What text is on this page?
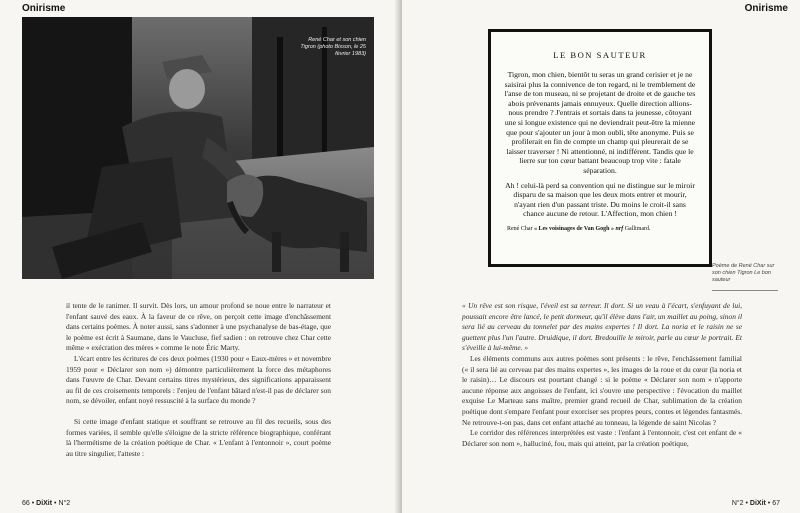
Onirisme
René Char et son chien Tigron (photo Bisson, le 25 février 1983)

il tente de le ranimer. Il survit. Dès lors, un amour profond se noue entre le narrateur et l'enfant sauvé des eaux. À la faveur de ce rêve, on perçoit cette image d'enchâssement dans certains poèmes. À noter aussi, sans s'adonner à une psychanalyse de bas-étage, que le poème est écrit à Saumane, dans le Vaucluse, fief sadien : on retrouve chez Char cette même « exécration des mères » comme le note Éric Marty.

L'écart entre les écritures de ces deux poèmes (1930 pour « Eaux-mères » et novembre 1959 pour « Déclarer son nom ») démontre particulièrement la force des métaphores dans l'œuvre de Char. Devant certains titres mystérieux, des significations apparaissent au fil de ces croisements temporels : l'enjeu de l'enfant bâtard n'est-il pas de déclarer son nom, se dévoiler, enfant noyé ressuscité à la surface du monde ?

Si cette image d'enfant statique et souffrant se retrouve au fil des recueils, sous des formes variées, il semble qu'elle s'éloigne de la stricte référence biographique, conférant là l'hermétisme de la création poétique de Char. « L'enfant à l'entonnoir », court poème au titre singulier, l'atteste :

66 • DiXit • N°2
Onirisme
LE BON SAUTEUR

Tigron, mon chien, bientôt tu seras un grand cerisier et je ne saisirai plus la connivence de ton regard, ni le tremblement de l'anse de ton museau, ni se projetant de droite et de gauche tes abois prévenants jamais ennuyeux. Quelle direction allions-nous prendre ? J'entrais et sortais dans ta jeunesse, côtoyant une si longue existence qui ne deviendrait peut-être la mienne que pour s'ajouter un jour à mon oubli, tête anonyme. Puis se profilerait en fin de compte un champ qui pleurerait de se laisser traverser ! Ni attentionné, ni indifférent. Tandis que le lierre sur ton cœur battant beaucoup trop vite : fatale séparation.

Ah ! celui-là perd sa convention qui ne distingue sur le miroir disparu de sa maison que les deux mots entrer et mourir, n'ayant rien d'un passant triste. Du moins le croit-il sans chance aucune de retour. L'Affection, mon chien !

René Char « Les voisinages de Van Gogh » nrf Gallimard.
Poème de René Char sur son chien Tigron Le bon sauteur

« Un rêve est son risque, l'éveil est sa terreur. Il dort. Si un veau à l'écart, s'enfuyant de lui, poussait encore être lancé, le petit dormeur, qu'il élève dans l'air, un maillet au poing, sinon il sera lié au cerveau du tonnelet par des mains expertes ! Il dort. La noria et le raisin ne se guettent plus l'un l'autre. Druidique, il dort. Bredouille le miroir, parle au cœur le portrait. Et s'éveille à lui-même. »

Les éléments communs aux autres poèmes sont présents : le rêve, l'enchâssement familial (« il sera lié au cerveau par des mains expertes », les images de la roue et du cœur (la noria et le raisin)… Le discours est pourtant changé : si le poème « Déclarer son nom » n'apporte aucune réponse aux angoisses de l'enfant, ici s'ouvre une perspective : l'évocation du maillet exquise Le Marteau sans maître, premier grand recueil de Char, sublimation de la création poétique dont s'empare l'enfant pour exorciser ses propres peurs, contes et légendes fantasmés. Ne retrouve-t-on pas, dans cet enfant attaché au tonneau, la légende de saint Nicolas ?

Le corridor des références interprétées est vaste : l'enfant à l'entonnoir, c'est cet enfant de « Déclarer son nom », halluciné, fou, mais qui atteint, par la création poétique,

N°2 • DiXit • 67
